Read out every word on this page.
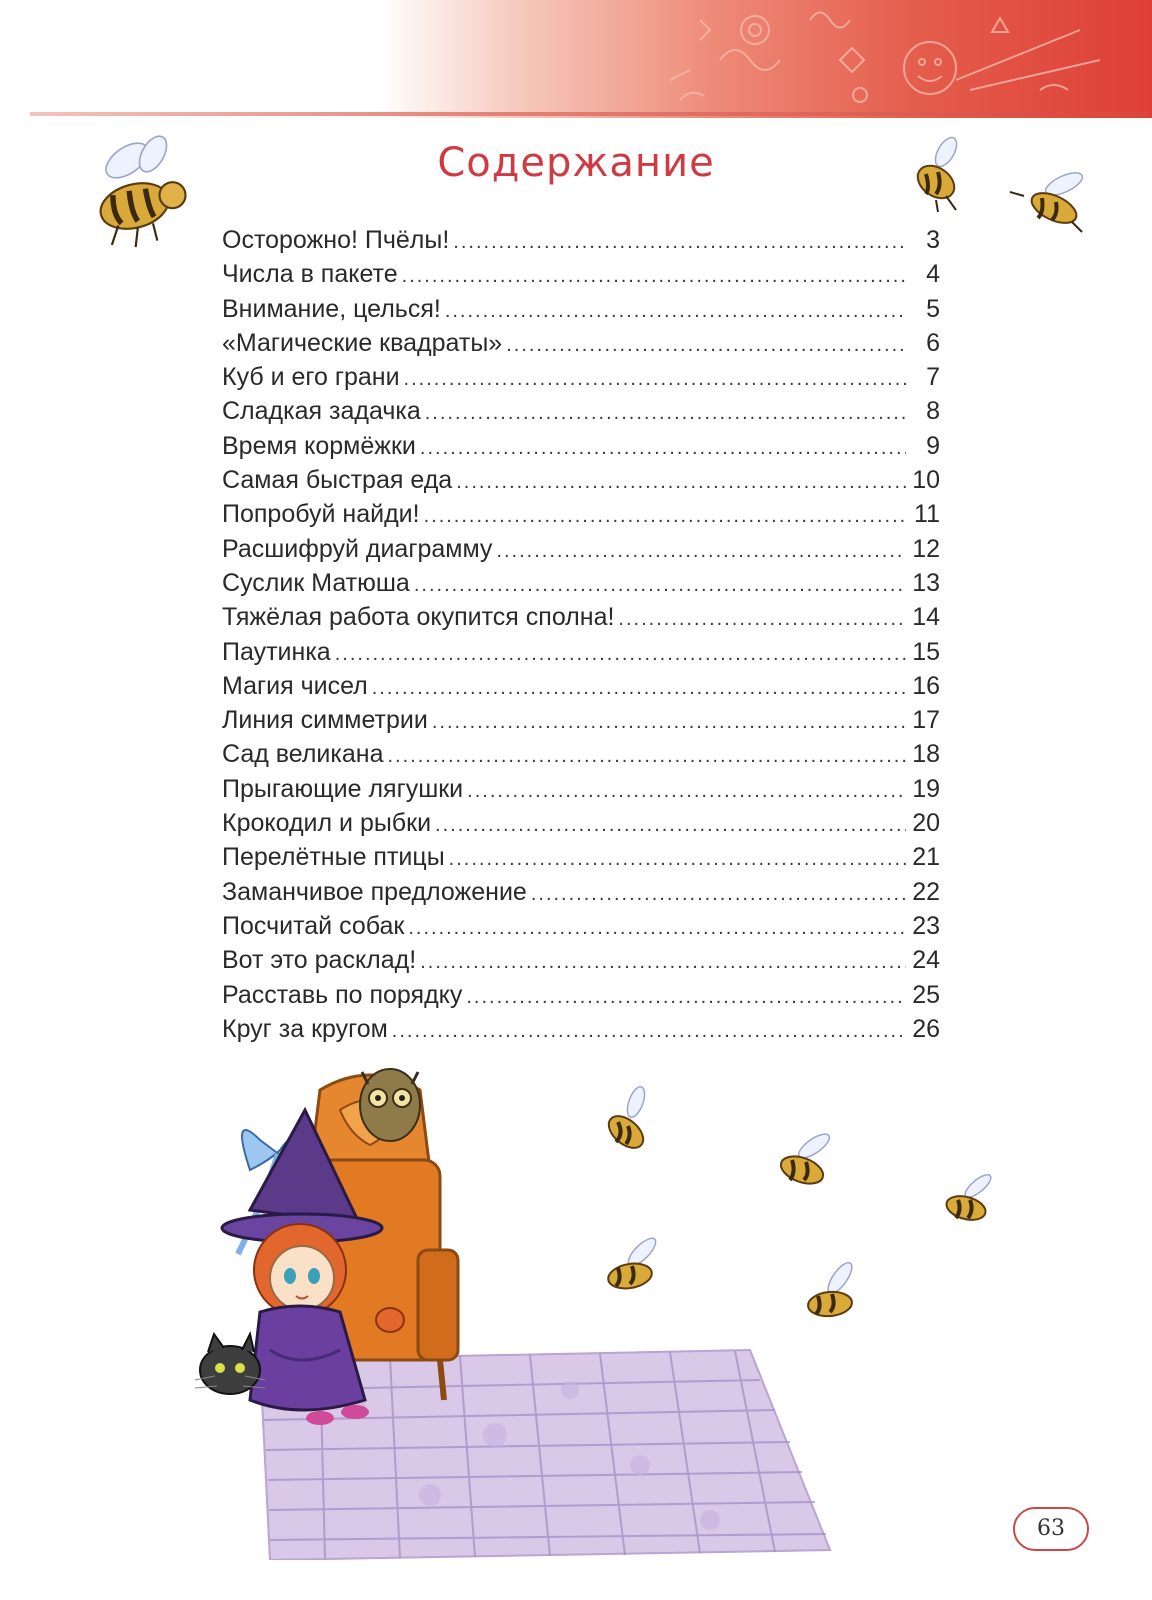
Содержание
Осторожно! Пчёлы! .....	3
Числа в пакете .....	4
Внимание, целься! .....	5
«Магические квадраты» .....	6
Куб и его грани .....	7
Сладкая задачка .....	8
Время кормёжки .....	9
Самая быстрая еда .....	10
Попробуй найди! .....	11
Расшифруй диаграмму .....	12
Суслик Матюша .....	13
Тяжёлая работа окупится сполна! .....	14
Паутинка .....	15
Магия чисел .....	16
Линия симметрии .....	17
Сад великана .....	18
Прыгающие лягушки .....	19
Крокодил и рыбки .....	20
Перелётные птицы .....	21
Заманчивое предложение .....	22
Посчитай собак .....	23
Вот это расклад! .....	24
Расставь по порядку .....	25
Круг за кругом .....	26
63
